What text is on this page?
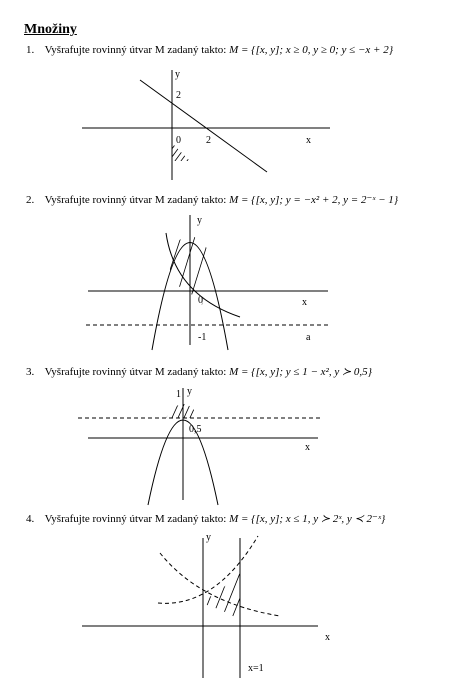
Množiny
1. Vyšrafujte rovinný útvar M zadaný takto: M = {[x, y]; x ≥ 0, y ≥ 0; y ≤ −x + 2}
y
2
0	2	x
2. Vyšrafujte rovinný útvar M zadaný takto: M = {[x, y]; y = −x² + 2, y = 2⁻ˣ − 1}
y
0	x
-1	a
3. Vyšrafujte rovinný útvar M zadaný takto: M = {[x, y]; y ≤ 1 − x², y ≻ 0,5}
1 y
0,5
x
4. Vyšrafujte rovinný útvar M zadaný takto: M = {[x, y]; x ≤ 1, y ≻ 2ˣ, y ≺ 2⁻ˣ}
y
x
x=1
